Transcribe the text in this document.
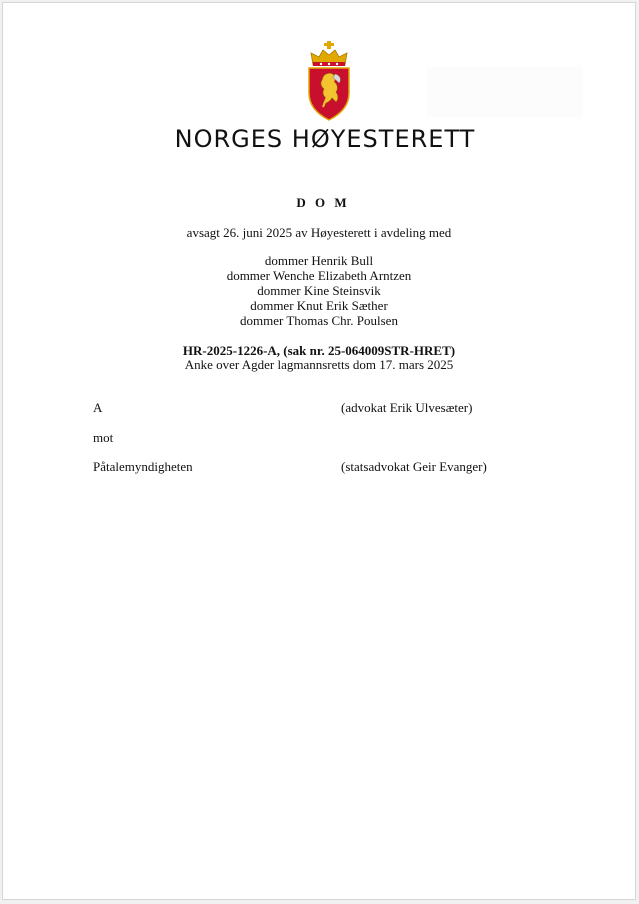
NORGES HØYESTERETT
D O M
avsagt 26. juni 2025 av Høyesterett i avdeling med
dommer Henrik Bull
dommer Wenche Elizabeth Arntzen
dommer Kine Steinsvik
dommer Knut Erik Sæther
dommer Thomas Chr. Poulsen
HR-2025-1226-A, (sak nr. 25-064009STR-HRET)
Anke over Agder lagmannsretts dom 17. mars 2025
A	(advokat Erik Ulvesæter)
mot
Påtalemyndigheten	(statsadvokat Geir Evanger)
